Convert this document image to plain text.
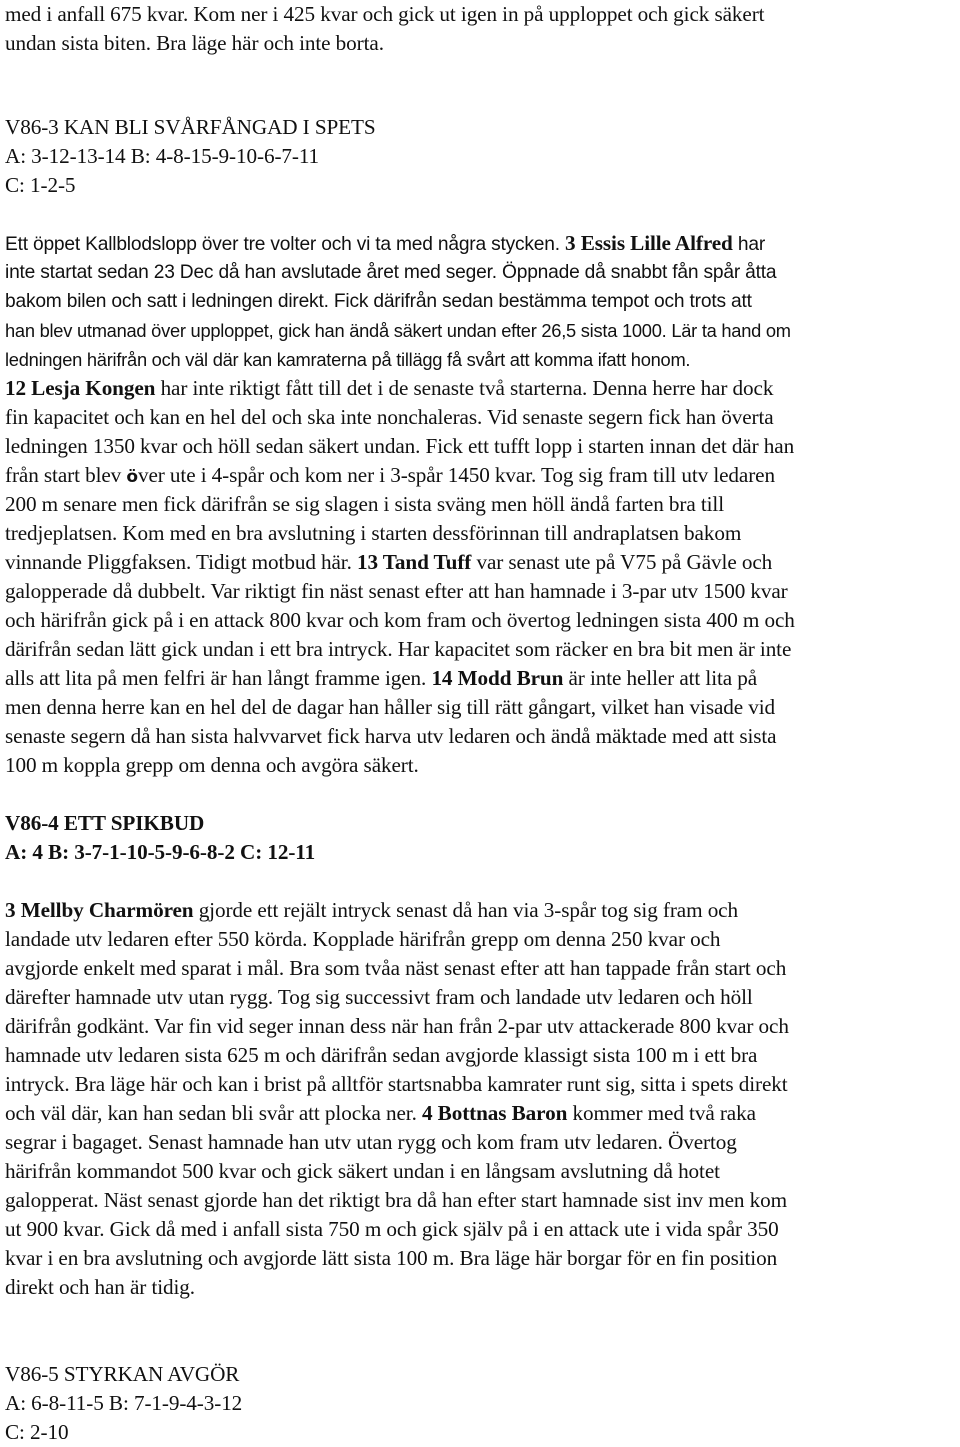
med i anfall 675 kvar. Kom ner i 425 kvar och gick ut igen in på upploppet och gick säkert
undan sista biten. Bra läge här och inte borta.
V86-3 KAN BLI SVÅRFÅNGAD I SPETS
A: 3-12-13-14 B: 4-8-15-9-10-6-7-11
C: 1-2-5
Ett öppet Kallblodslopp över tre volter och vi ta med några stycken. 3 Essis Lille Alfred har
inte startat sedan 23 Dec då han avslutade året med seger. Öppnade då snabbt fån spår åtta
bakom bilen och satt i ledningen direkt. Fick därifrån sedan bestämma tempot och trots att
han blev utmanad över upploppet, gick han ändå säkert undan efter 26,5 sista 1000. Lär ta hand om
ledningen härifrån och väl där kan kamraterna på tillägg få svårt att komma ifatt honom.
12 Lesja Kongen har inte riktigt fått till det i de senaste två starterna. Denna herre har dock
fin kapacitet och kan en hel del och ska inte nonchaleras. Vid senaste segern fick han överta
ledningen 1350 kvar och höll sedan säkert undan. Fick ett tufft lopp i starten innan det där han
från start blev över ute i 4-spår och kom ner i 3-spår 1450 kvar. Tog sig fram till utv ledaren
200 m senare men fick därifrån se sig slagen i sista sväng men höll ändå farten bra till
tredjeplatsen. Kom med en bra avslutning i starten dessförinnan till andraplatsen bakom
vinnande Pliggfaksen. Tidigt motbud här. 13 Tand Tuff var senast ute på V75 på Gävle och
galopperade då dubbelt. Var riktigt fin näst senast efter att han hamnade i 3-par utv 1500 kvar
och härifrån gick på i en attack 800 kvar och kom fram och övertog ledningen sista 400 m och
därifrån sedan lätt gick undan i ett bra intryck. Har kapacitet som räcker en bra bit men är inte
alls att lita på men felfri är han långt framme igen. 14 Modd Brun är inte heller att lita på
men denna herre kan en hel del de dagar han håller sig till rätt gångart, vilket han visade vid
senaste segern då han sista halvvarvet fick harva utv ledaren och ändå mäktade med att sista
100 m koppla grepp om denna och avgöra säkert.
V86-4 ETT SPIKBUD
A: 4 B: 3-7-1-10-5-9-6-8-2 C: 12-11
3 Mellby Charmören gjorde ett rejält intryck senast då han via 3-spår tog sig fram och
landade utv ledaren efter 550 körda. Kopplade härifrån grepp om denna 250 kvar och
avgjorde enkelt med sparat i mål. Bra som tvåa näst senast efter att han tappade från start och
därefter hamnade utv utan rygg. Tog sig successivt fram och landade utv ledaren och höll
därifrån godkänt. Var fin vid seger innan dess när han från 2-par utv attackerade 800 kvar och
hamnade utv ledaren sista 625 m och därifrån sedan avgjorde klassigt sista 100 m i ett bra
intryck. Bra läge här och kan i brist på alltför startsnabba kamrater runt sig, sitta i spets direkt
och väl där, kan han sedan bli svår att plocka ner. 4 Bottnas Baron kommer med två raka
segrar i bagaget. Senast hamnade han utv utan rygg och kom fram utv ledaren. Övertog
härifrån kommandot 500 kvar och gick säkert undan i en långsam avslutning då hotet
galopperat. Näst senast gjorde han det riktigt bra då han efter start hamnade sist inv men kom
ut 900 kvar. Gick då med i anfall sista 750 m och gick själv på i en attack ute i vida spår 350
kvar i en bra avslutning och avgjorde lätt sista 100 m. Bra läge här borgar för en fin position
direkt och han är tidig.
V86-5 STYRKAN AVGÖR
A: 6-8-11-5 B: 7-1-9-4-3-12
C: 2-10
